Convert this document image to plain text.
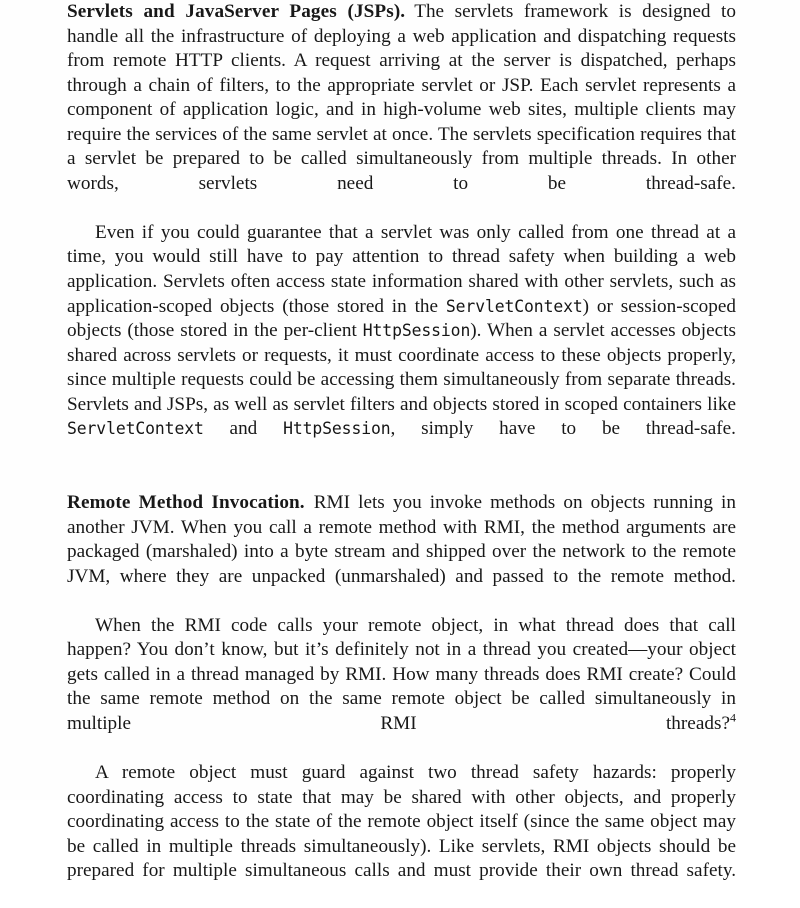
Servlets and JavaServer Pages (JSPs). The servlets framework is designed to handle all the infrastructure of deploying a web application and dispatching requests from remote HTTP clients. A request arriving at the server is dispatched, perhaps through a chain of filters, to the appropriate servlet or JSP. Each servlet represents a component of application logic, and in high-volume web sites, multiple clients may require the services of the same servlet at once. The servlets specification requires that a servlet be prepared to be called simultaneously from multiple threads. In other words, servlets need to be thread-safe.

Even if you could guarantee that a servlet was only called from one thread at a time, you would still have to pay attention to thread safety when building a web application. Servlets often access state information shared with other servlets, such as application-scoped objects (those stored in the ServletContext) or session-scoped objects (those stored in the per-client HttpSession). When a servlet accesses objects shared across servlets or requests, it must coordinate access to these objects properly, since multiple requests could be accessing them simultaneously from separate threads. Servlets and JSPs, as well as servlet filters and objects stored in scoped containers like ServletContext and HttpSession, simply have to be thread-safe.

Remote Method Invocation. RMI lets you invoke methods on objects running in another JVM. When you call a remote method with RMI, the method arguments are packaged (marshaled) into a byte stream and shipped over the network to the remote JVM, where they are unpacked (unmarshaled) and passed to the remote method.

When the RMI code calls your remote object, in what thread does that call happen? You don’t know, but it’s definitely not in a thread you created—your object gets called in a thread managed by RMI. How many threads does RMI create? Could the same remote method on the same remote object be called simultaneously in multiple RMI threads?$^4$

A remote object must guard against two thread safety hazards: properly coordinating access to state that may be shared with other objects, and properly coordinating access to the state of the remote object itself (since the same object may be called in multiple threads simultaneously). Like servlets, RMI objects should be prepared for multiple simultaneous calls and must provide their own thread safety.
